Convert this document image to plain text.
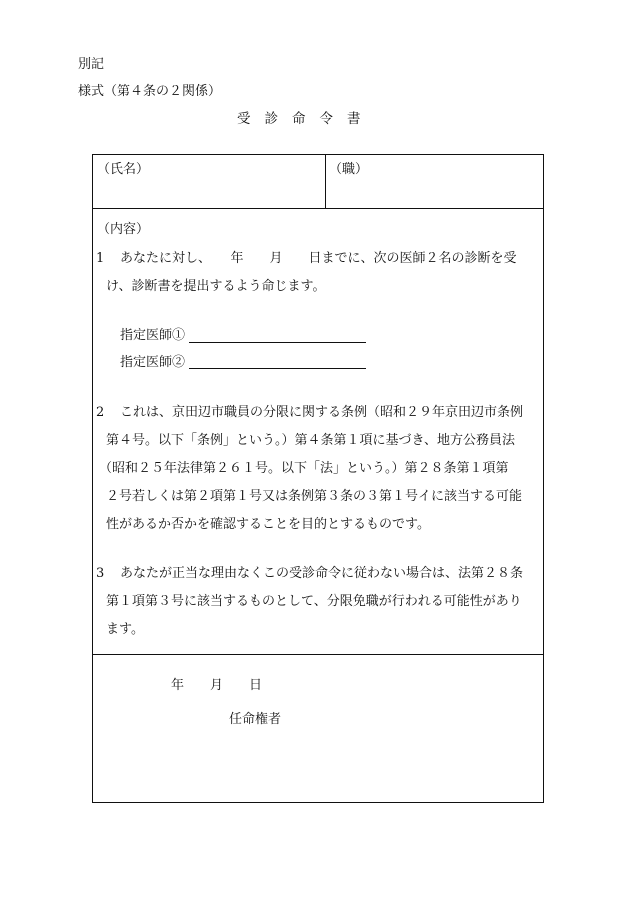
別記
様式（第４条の２関係）
受診命令書
（氏名）	（職）
（内容）
1	あなたに対し、　　年　　月　　日までに、次の医師２名の診断を受
け、診断書を提出するよう命じます。
指定医師①
指定医師②
2	これは、京田辺市職員の分限に関する条例（昭和２９年京田辺市条例
第４号。以下「条例」という。）第４条第１項に基づき、地方公務員法
（昭和２５年法律第２６１号。以下「法」という。）第２８条第１項第
２号若しくは第２項第１号又は条例第３条の３第１号イに該当する可能
性があるか否かを確認することを目的とするものです。
3	あなたが正当な理由なくこの受診命令に従わない場合は、法第２８条
第１項第３号に該当するものとして、分限免職が行われる可能性があり
ます。
年　　月　　日
任命権者
